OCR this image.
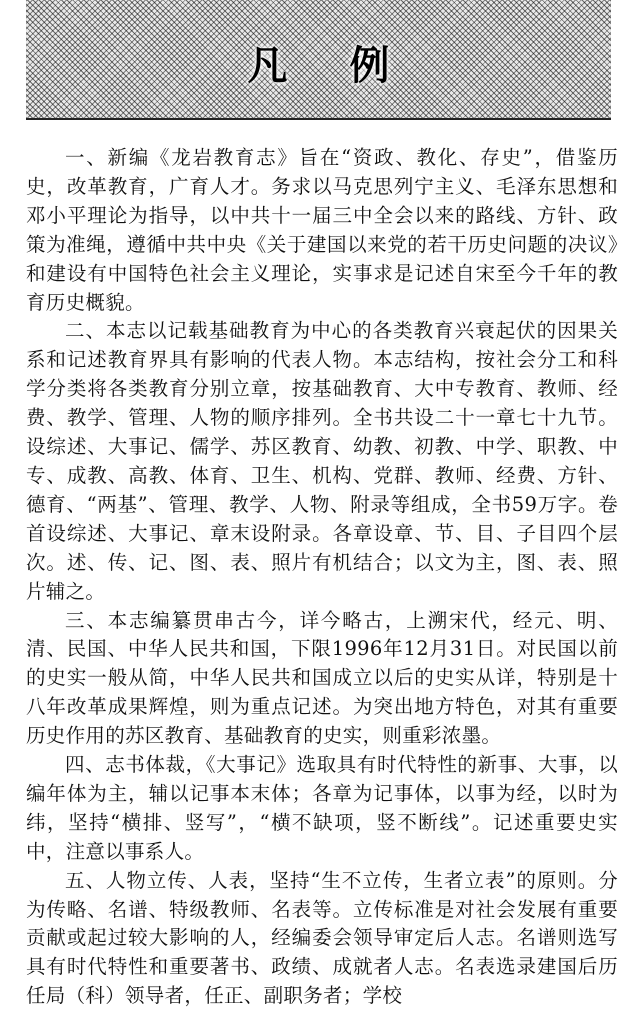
凡例

一、新编《龙岩教育志》旨在“资政、教化、存史”，借鉴历史，改革教育，广育人才。务求以马克思列宁主义、毛泽东思想和邓小平理论为指导，以中共十一届三中全会以来的路线、方针、政策为准绳，遵循中共中央《关于建国以来党的若干历史问题的决议》和建设有中国特色社会主义理论，实事求是记述自宋至今千年的教育历史概貌。

二、本志以记载基础教育为中心的各类教育兴衰起伏的因果关系和记述教育界具有影响的代表人物。本志结构，按社会分工和科学分类将各类教育分别立章，按基础教育、大中专教育、教师、经费、教学、管理、人物的顺序排列。全书共设二十一章七十九节。设综述、大事记、儒学、苏区教育、幼教、初教、中学、职教、中专、成教、高教、体育、卫生、机构、党群、教师、经费、方针、德育、“两基”、管理、教学、人物、附录等组成，全书59万字。卷首设综述、大事记、章末设附录。各章设章、节、目、子目四个层次。述、传、记、图、表、照片有机结合；以文为主，图、表、照片辅之。

三、本志编纂贯串古今，详今略古，上溯宋代，经元、明、清、民国、中华人民共和国，下限1996年12月31日。对民国以前的史实一般从简，中华人民共和国成立以后的史实从详，特别是十八年改革成果辉煌，则为重点记述。为突出地方特色，对其有重要历史作用的苏区教育、基础教育的史实，则重彩浓墨。

四、志书体裁，《大事记》选取具有时代特性的新事、大事，以编年体为主，辅以记事本末体；各章为记事体，以事为经，以时为纬，坚持“横排、竖写”，“横不缺项，竖不断线”。记述重要史实中，注意以事系人。

五、人物立传、人表，坚持“生不立传，生者立表”的原则。分为传略、名谱、特级教师、名表等。立传标准是对社会发展有重要贡献或起过较大影响的人，经编委会领导审定后人志。名谱则选写具有时代特性和重要著书、政绩、成就者人志。名表选录建国后历任局（科）领导者，任正、副职务者；学校
